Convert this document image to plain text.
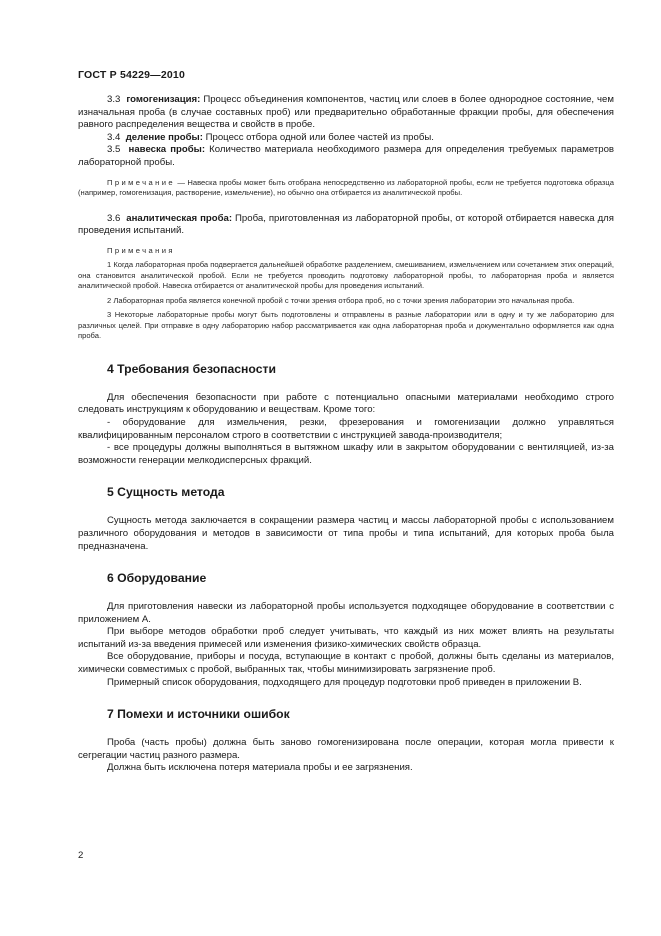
ГОСТ Р 54229—2010

3.3 гомогенизация: Процесс объединения компонентов, частиц или слоев в более однородное состояние, чем изначальная проба (в случае составных проб) или предварительно обработанные фракции пробы, для обеспечения равного распределения вещества и свойств в пробе.

3.4 деление пробы: Процесс отбора одной или более частей из пробы.

3.5 навеска пробы: Количество материала необходимого размера для определения требуемых параметров лабораторной пробы.

Примечание — Навеска пробы может быть отобрана непосредственно из лабораторной пробы, если не требуется подготовка образца (например, гомогенизация, растворение, измельчение), но обычно она отбирается из аналитической пробы.

3.6 аналитическая проба: Проба, приготовленная из лабораторной пробы, от которой отбирается навеска для проведения испытаний.

Примечания

1 Когда лабораторная проба подвергается дальнейшей обработке разделением, смешиванием, измельчением или сочетанием этих операций, она становится аналитической пробой. Если не требуется проводить подготовку лабораторной пробы, то лабораторная проба и является аналитической пробой. Навеска отбирается от аналитической пробы для проведения испытаний.

2 Лабораторная проба является конечной пробой с точки зрения отбора проб, но с точки зрения лаборатории это начальная проба.

3 Некоторые лабораторные пробы могут быть подготовлены и отправлены в разные лаборатории или в одну и ту же лабораторию для различных целей. При отправке в одну лабораторию набор рассматривается как одна лабораторная проба и документально оформляется как одна проба.

4 Требования безопасности

Для обеспечения безопасности при работе с потенциально опасными материалами необходимо строго следовать инструкциям к оборудованию и веществам. Кроме того:

- оборудование для измельчения, резки, фрезерования и гомогенизации должно управляться квалифицированным персоналом строго в соответствии с инструкцией завода-производителя;

- все процедуры должны выполняться в вытяжном шкафу или в закрытом оборудовании с вентиляцией, из-за возможности генерации мелкодисперсных фракций.

5 Сущность метода

Сущность метода заключается в сокращении размера частиц и массы лабораторной пробы с использованием различного оборудования и методов в зависимости от типа пробы и типа испытаний, для которых проба была предназначена.

6 Оборудование

Для приготовления навески из лабораторной пробы используется подходящее оборудование в соответствии с приложением А.

При выборе методов обработки проб следует учитывать, что каждый из них может влиять на результаты испытаний из-за введения примесей или изменения физико-химических свойств образца.

Все оборудование, приборы и посуда, вступающие в контакт с пробой, должны быть сделаны из материалов, химически совместимых с пробой, выбранных так, чтобы минимизировать загрязнение проб.

Примерный список оборудования, подходящего для процедур подготовки проб приведен в приложении В.

7 Помехи и источники ошибок

Проба (часть пробы) должна быть заново гомогенизирована после операции, которая могла привести к сегрегации частиц разного размера.

Должна быть исключена потеря материала пробы и ее загрязнения.

2
